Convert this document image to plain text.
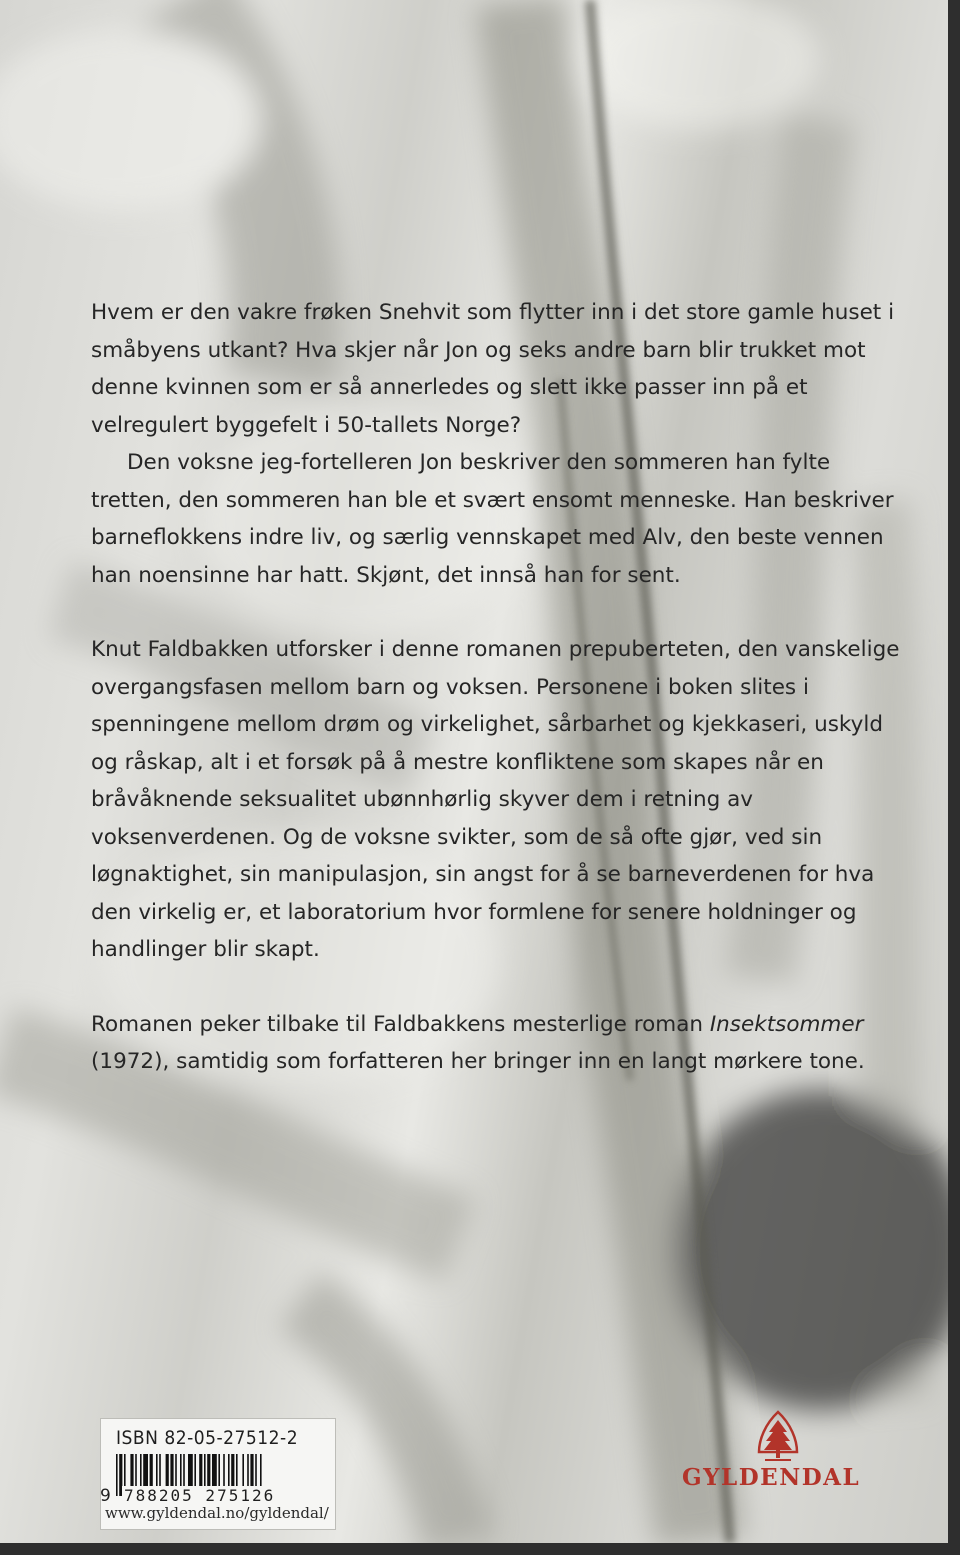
Hvem er den vakre frøken Snehvit som flytter inn i det store gamle huset i småbyens utkant? Hva skjer når Jon og seks andre barn blir trukket mot denne kvinnen som er så annerledes og slett ikke passer inn på et velregulert byggefelt i 50-tallets Norge?

Den voksne jeg-fortelleren Jon beskriver den sommeren han fylte tretten, den sommeren han ble et svært ensomt menneske. Han beskriver barneflokkens indre liv, og særlig vennskapet med Alv, den beste vennen han noensinne har hatt. Skjønt, det innså han for sent.

Knut Faldbakken utforsker i denne romanen prepuberteten, den vanskelige overgangsfasen mellom barn og voksen. Personene i boken slites i spenningene mellom drøm og virkelighet, sårbarhet og kjekkaseri, uskyld og råskap, alt i et forsøk på å mestre konfliktene som skapes når en bråvåknende seksualitet ubønnhørlig skyver dem i retning av voksenverdenen. Og de voksne svikter, som de så ofte gjør, ved sin løgnaktighet, sin manipulasjon, sin angst for å se barneverdenen for hva den virkelig er, et laboratorium hvor formlene for senere holdninger og handlinger blir skapt.

Romanen peker tilbake til Faldbakkens mesterlige roman Insektsommer (1972), samtidig som forfatteren her bringer inn en langt mørkere tone.

ISBN 82-05-27512-2
9 788205 275126
www.gyldendal.no/gyldendal/
GYLDENDAL
